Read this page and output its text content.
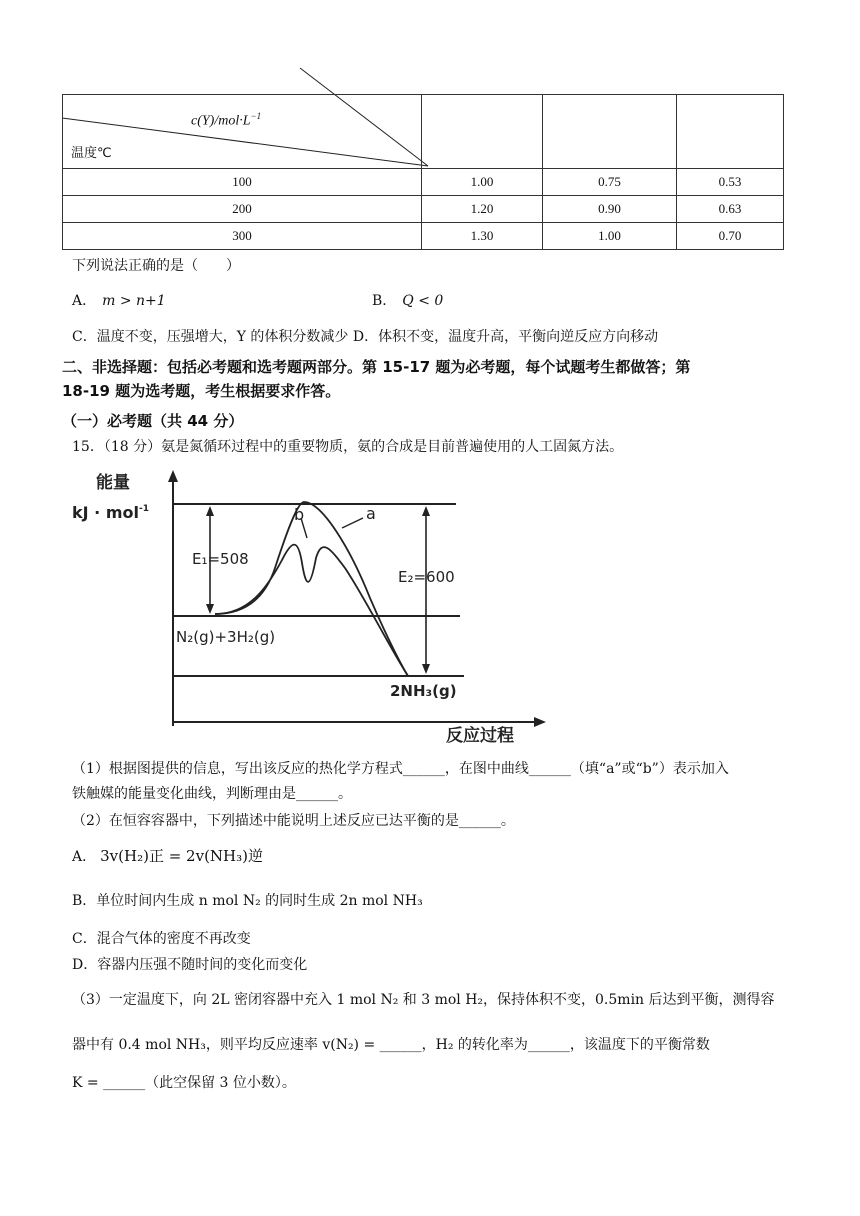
$c(Y)/mol\cdot L^{-1}$
温度℃			

100	1.00	0.75	0.53
200	1.20	0.90	0.63
300	1.30	1.00	0.70
下列说法正确的是（　　）
A． m > n+1	B． Q < 0
C．温度不变，压强增大，Y 的体积分数减少 D．体积不变，温度升高，平衡向逆反应方向移动
二、非选择题：包括必考题和选考题两部分。第 15-17 题为必考题，每个试题考生都做答；第
18-19 题为选考题，考生根据要求作答。
（一）必考题（共 44 分）
15．（18 分）氨是氮循环过程中的重要物质，氨的合成是目前普遍使用的人工固氮方法。
能量
kJ · mol$^{-1}$
E₁=508
E₂=600
a
b
N₂(g)+3H₂(g)
2NH₃(g)
反应过程
（1）根据图提供的信息，写出该反应的热化学方程式______，在图中曲线______（填“a”或“b”）表示加入
铁触媒的能量变化曲线，判断理由是______。
（2）在恒容容器中，下列描述中能说明上述反应已达平衡的是______。
A． 3v(H₂)正 = 2v(NH₃)逆
B．单位时间内生成 n mol N₂ 的同时生成 2n mol NH₃
C．混合气体的密度不再改变
D．容器内压强不随时间的变化而变化
（3）一定温度下，向 2L 密闭容器中充入 1 mol N₂ 和 3 mol H₂，保持体积不变，0.5min 后达到平衡，测得容
器中有 0.4 mol NH₃，则平均反应速率 v(N₂) = ______，H₂ 的转化率为______，该温度下的平衡常数
K = ______（此空保留 3 位小数）。
